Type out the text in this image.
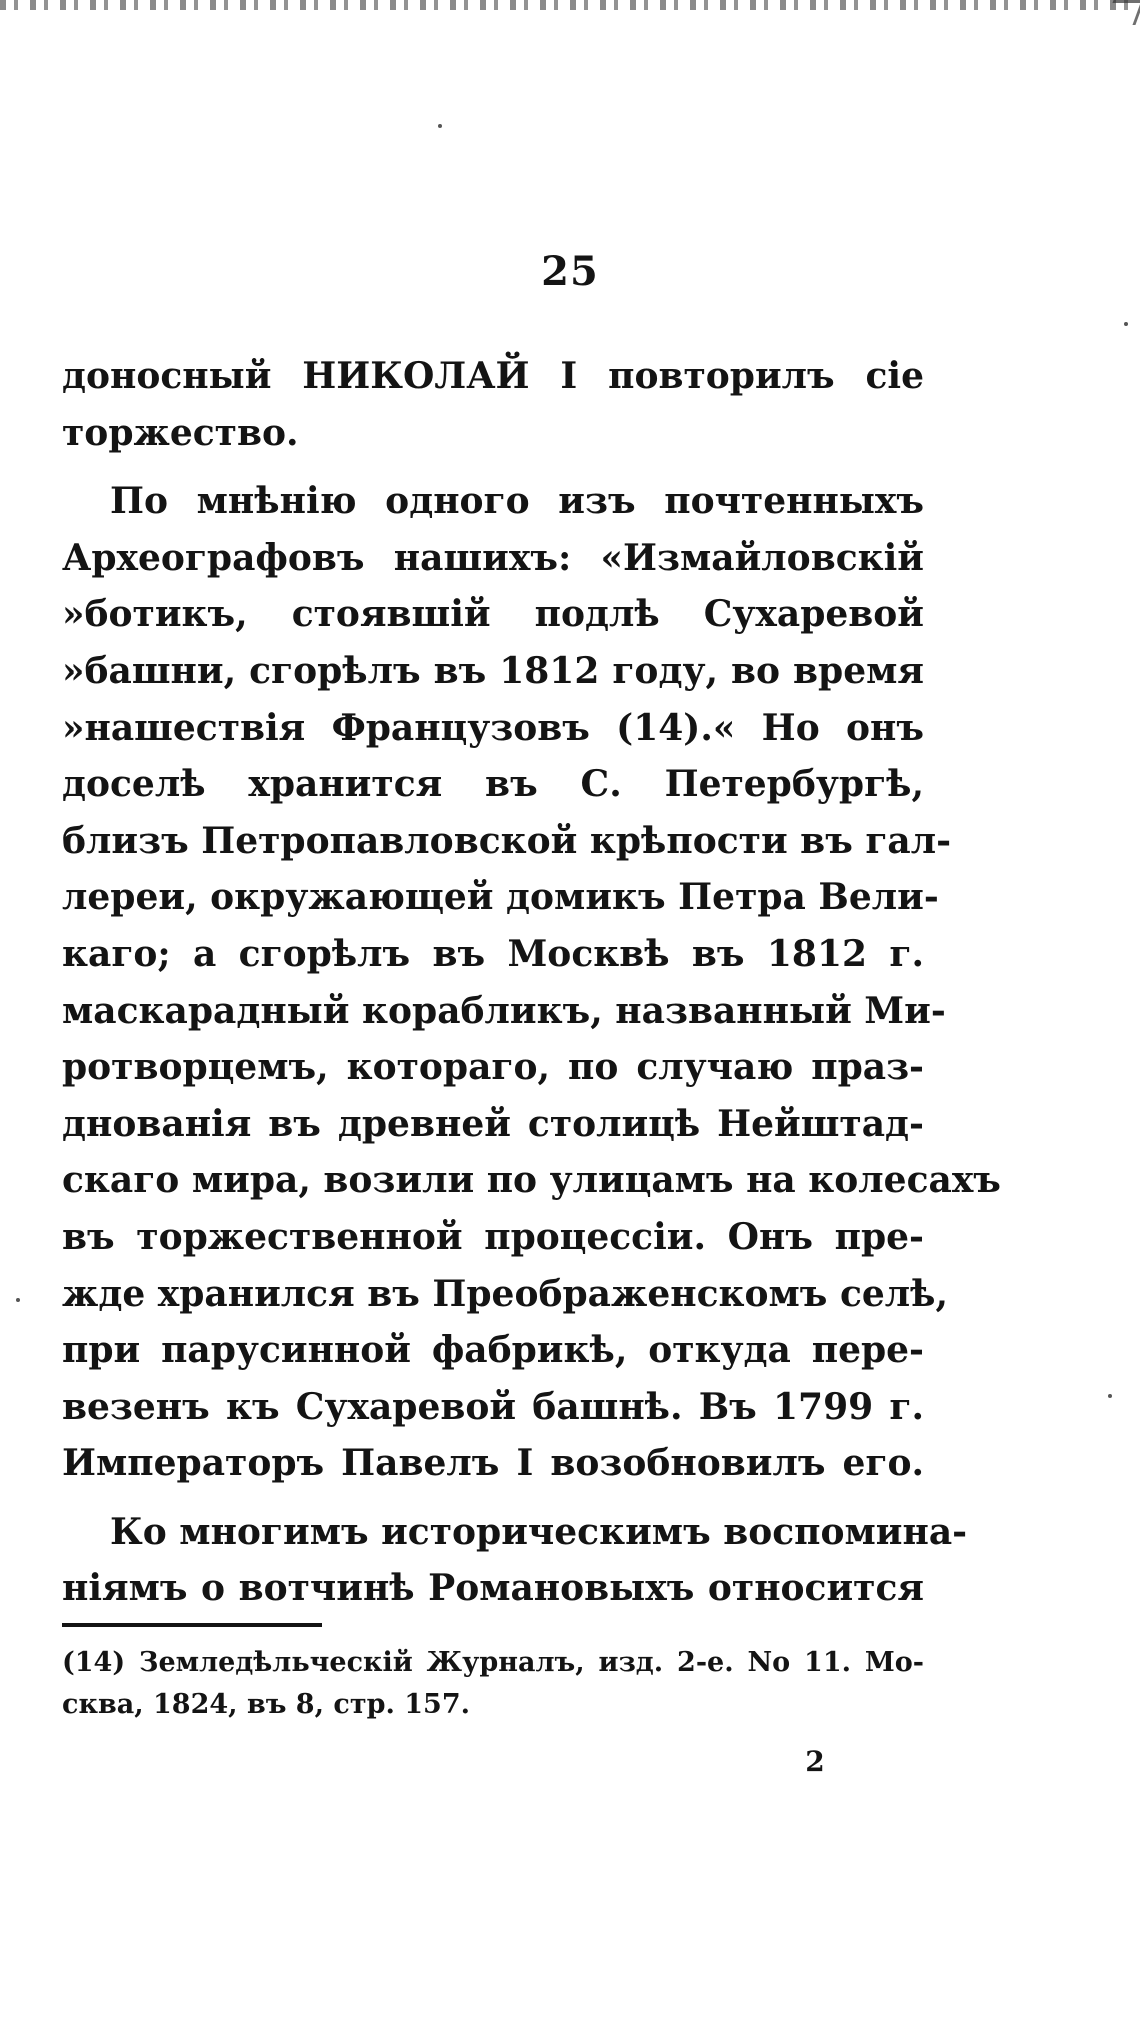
25
доносный НИКОЛАЙ I повторилъ сіе
торжество.
По мнѣнію одного изъ почтенныхъ
Археографовъ нашихъ: «Измайловскій
»ботикъ, стоявшій подлѣ Сухаревой
»башни, сгорѣлъ въ 1812 году, во время
»нашествія Французовъ (14).« Но онъ
доселѣ хранится въ С. Петербургѣ,
близъ Петропавловской крѣпости въ гал-
лереи, окружающей домикъ Петра Вели-
каго; а сгорѣлъ въ Москвѣ въ 1812 г.
маскарадный корабликъ, названный Ми-
ротворцемъ, котораго, по случаю праз-
днованія въ древней столицѣ Нейштад-
скаго мира, возили по улицамъ на колесахъ
въ торжественной процессіи. Онъ пре-
жде хранился въ Преображенскомъ селѣ,
при парусинной фабрикѣ, откуда пере-
везенъ къ Сухаревой башнѣ. Въ 1799 г.
Императоръ Павелъ I возобновилъ его.
Ко многимъ историческимъ воспомина-
ніямъ о вотчинѣ Романовыхъ относится
(14) Земледѣльческій Журналъ, изд. 2-е. No 11. Мо-
сква, 1824, въ 8, стр. 157.
2
